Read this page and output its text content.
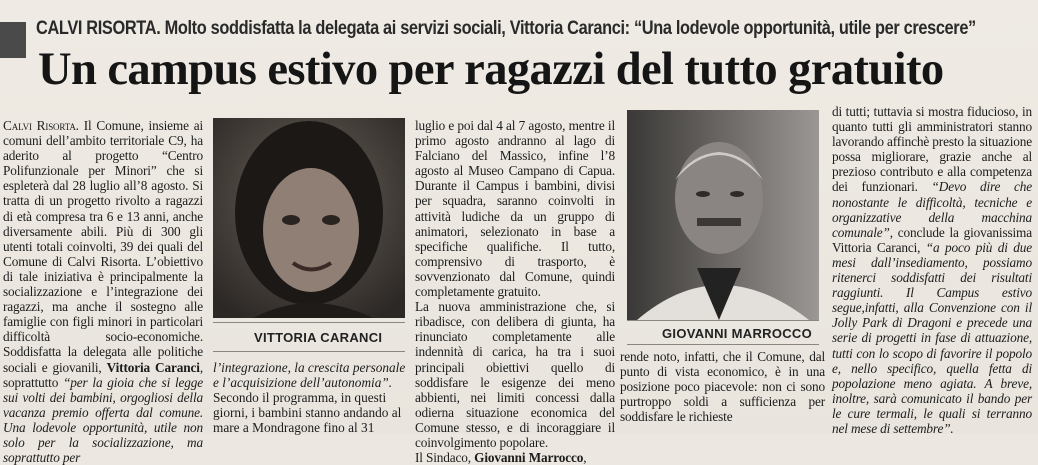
CALVI RISORTA. Molto soddisfatta la delegata ai servizi sociali, Vittoria Caranci: “Una lodevole opportunità, utile per crescere”
Un campus estivo per ragazzi del tutto gratuito

Calvi Risorta. Il Comune, insieme ai comuni dell’ambito territoriale C9, ha aderito al progetto “Centro Polifunzionale per Minori” che si espleterà dal 28 luglio all’8 agosto. Si tratta di un progetto rivolto a ragazzi di età compresa tra 6 e 13 anni, anche diversamente abili. Più di 300 gli utenti totali coinvolti, 39 dei quali del Comune di Calvi Risorta. L’obiettivo di tale iniziativa è principalmente la socializzazione e l’integrazione dei ragazzi, ma anche il sostegno alle famiglie con figli minori in particolari difficoltà socio-economiche. Soddisfatta la delegata alle politiche sociali e giovanili, Vittoria Caranci, soprattutto “per la gioia che si legge sui volti dei bambini, orgogliosi della vacanza premio offerta dal comune. Una lodevole opportunità, utile non solo per la socializzazione, ma soprattutto per

VITTORIA CARANCI
l’integrazione, la crescita personale e l’acquisizione dell’autonomia”. Secondo il programma, in questi giorni, i bambini stanno andando al mare a Mondragone fino al 31

luglio e poi dal 4 al 7 agosto, mentre il primo agosto andranno al lago di Falciano del Massico, infine l’8 agosto al Museo Campano di Capua. Durante il Campus i bambini, divisi per squadra, saranno coinvolti in attività ludiche da un gruppo di animatori, selezionato in base a specifiche qualifiche. Il tutto, comprensivo di trasporto, è sovvenzionato dal Comune, quindi completamente gratuito.

La nuova amministrazione che, si ribadisce, con delibera di giunta, ha rinunciato completamente alle indennità di carica, ha tra i suoi principali obiettivi quello di soddisfare le esigenze dei meno abbienti, nei limiti concessi dalla odierna situazione economica del Comune stesso, e di incoraggiare il coinvolgimento popolare.

Il Sindaco, Giovanni Marrocco,

GIOVANNI MARROCCO
rende noto, infatti, che il Comune, dal punto di vista economico, è in una posizione poco piacevole: non ci sono purtroppo soldi a sufficienza per soddisfare le richieste

di tutti; tuttavia si mostra fiducioso, in quanto tutti gli amministratori stanno lavorando affinchè presto la situazione possa migliorare, grazie anche al prezioso contributo e alla competenza dei funzionari. “Devo dire che nonostante le difficoltà, tecniche e organizzative della macchina comunale”, conclude la giovanissima Vittoria Caranci, “a poco più di due mesi dall’insediamento, possiamo ritenerci soddisfatti dei risultati raggiunti. Il Campus estivo segue,infatti, alla Convenzione con il Jolly Park di Dragoni e precede una serie di progetti in fase di attuazione, tutti con lo scopo di favorire il popolo e, nello specifico, quella fetta di popolazione meno agiata. A breve, inoltre, sarà comunicato il bando per le cure termali, le quali si terranno nel mese di settembre”.
